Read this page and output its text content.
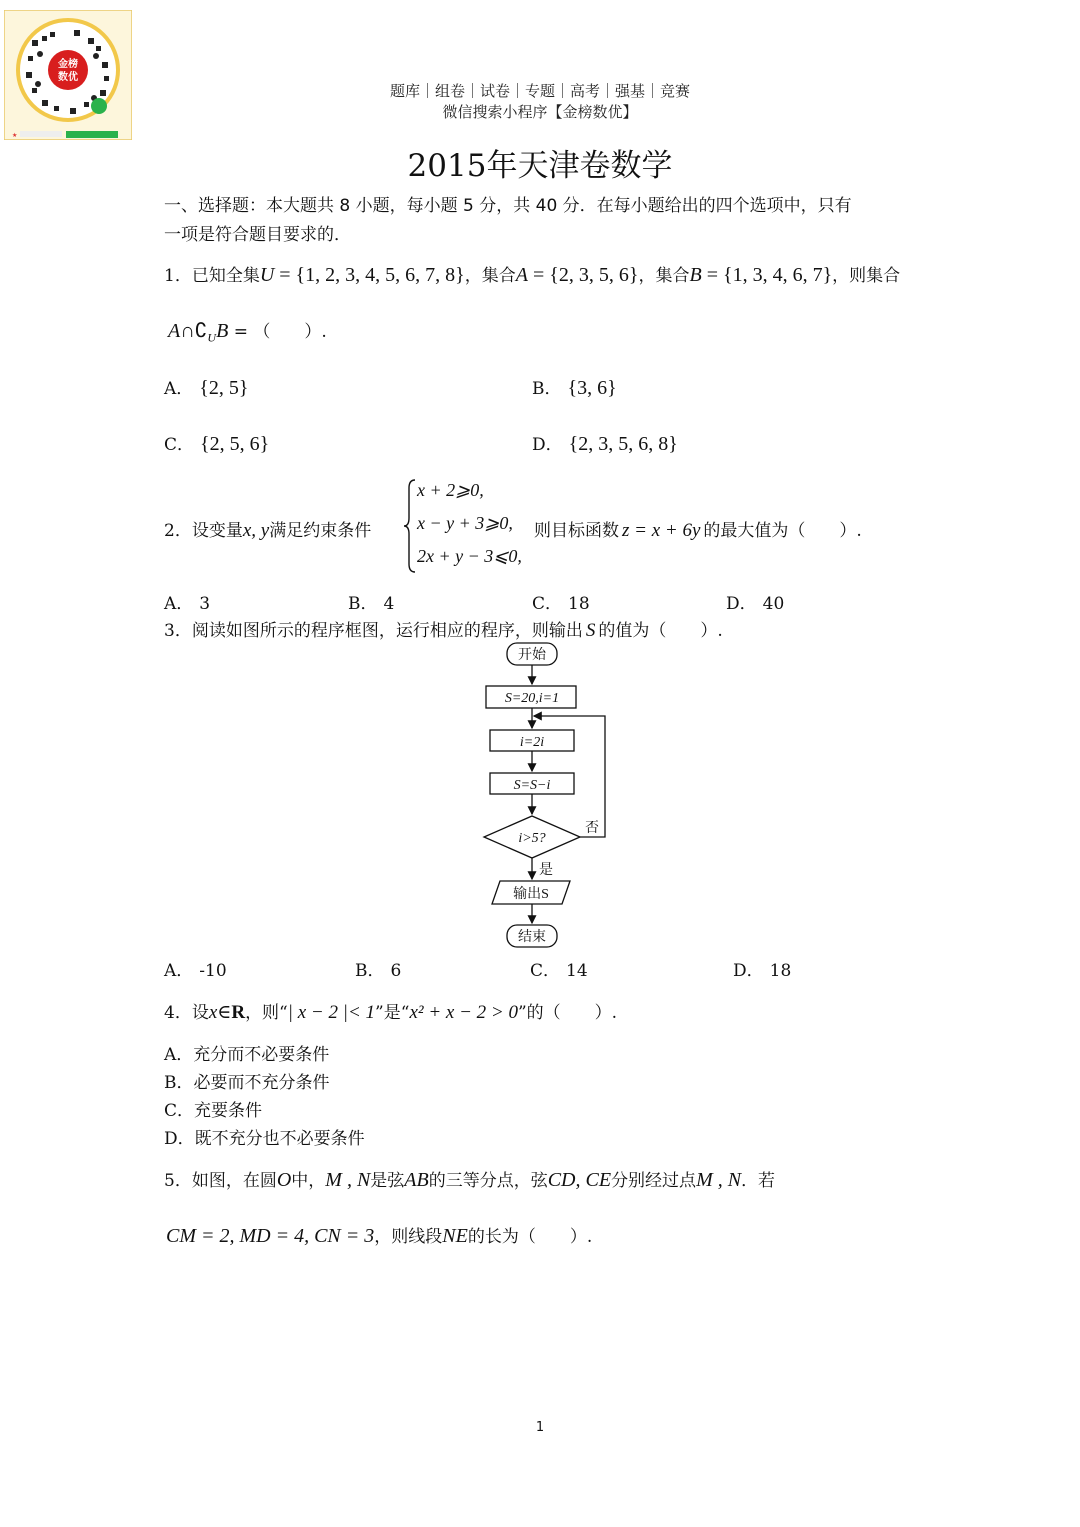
金榜
数优
★
题库｜组卷｜试卷｜专题｜高考｜强基｜竞赛
微信搜索小程序【金榜数优】
2015年天津卷数学
一、选择题：本大题共 8 小题，每小题 5 分，共 40 分．在每小题给出的四个选项中，只有
一项是符合题目要求的．
1．已知全集U = {1, 2, 3, 4, 5, 6, 7, 8}，集合A = {2, 3, 5, 6}，集合B = {1, 3, 4, 6, 7}，则集合
$A\cap∁_UB$ = （　　）.
A． {2, 5}	B． {3, 6}
C． {2, 5, 6}	D． {2, 3, 5, 6, 8}
2．设变量x, y满足约束条件
x + 2⩾0,
x − y + 3⩾0,
2x + y − 3⩽0,
则目标函数 z = x + 6y 的最大值为（　　）.
A． 3	B． 4	C． 18	D． 40
3．阅读如图所示的程序框图，运行相应的程序，则输出 S 的值为（　　）.
开始
S=20,i=1
i=2i
S=S−i
i>5?
否
是
输出S
结束
A． -10	B． 6	C． 14	D． 18
4．设x∈R，则“| x − 2 |< 1”是“x² + x − 2 > 0”的（　　）.
A．充分而不必要条件
B．必要而不充分条件
C．充要条件
D．既不充分也不必要条件
5．如图，在圆O中，M , N是弦AB的三等分点，弦CD, CE分别经过点M , N．若
CM = 2, MD = 4, CN = 3，则线段NE的长为（　　）.
1
